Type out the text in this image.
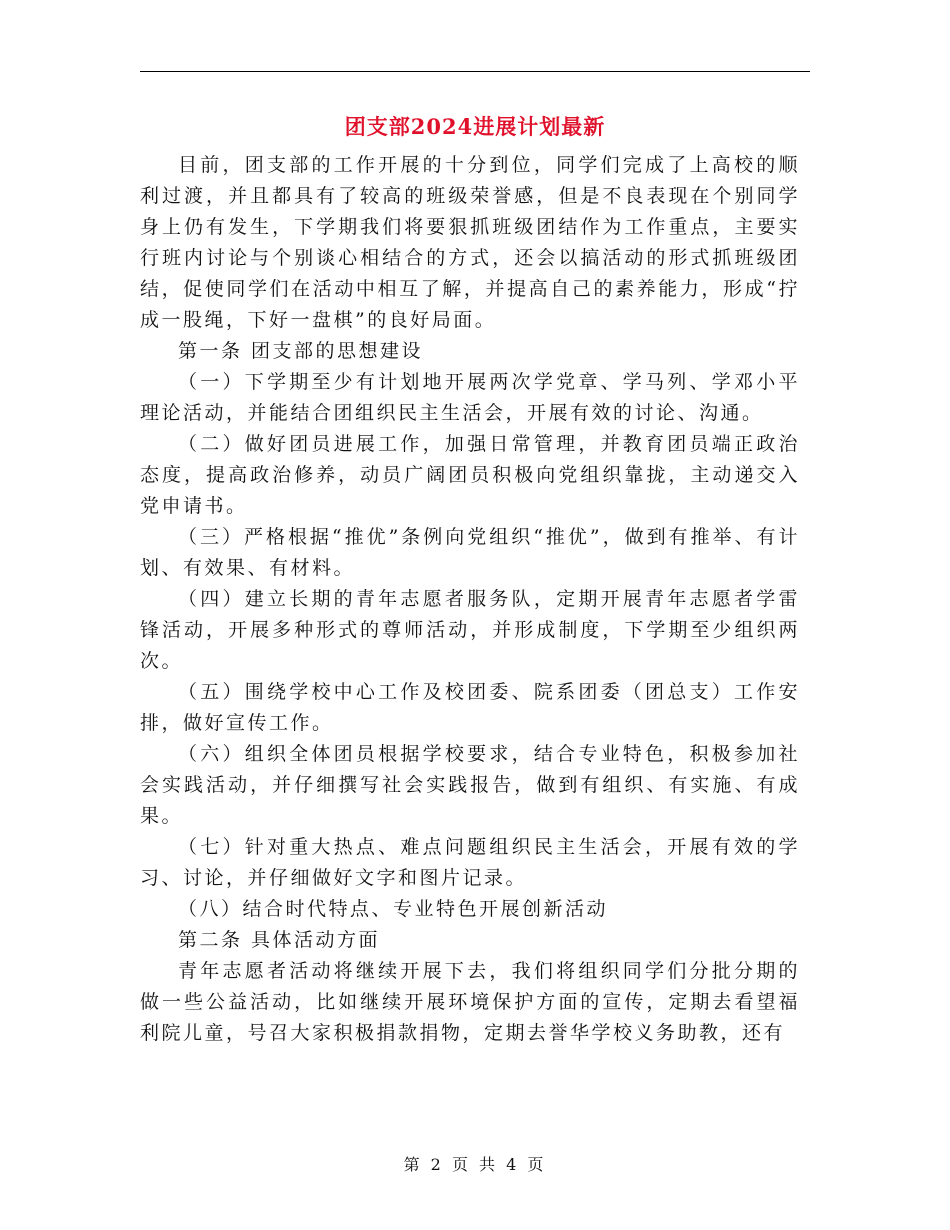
团支部2024进展计划最新

目前，团支部的工作开展的十分到位，同学们完成了上高校的顺利过渡，并且都具有了较高的班级荣誉感，但是不良表现在个别同学身上仍有发生，下学期我们将要狠抓班级团结作为工作重点，主要实行班内讨论与个别谈心相结合的方式，还会以搞活动的形式抓班级团结，促使同学们在活动中相互了解，并提高自己的素养能力，形成“拧成一股绳，下好一盘棋”的良好局面。

第一条 团支部的思想建设

（一）下学期至少有计划地开展两次学党章、学马列、学邓小平理论活动，并能结合团组织民主生活会，开展有效的讨论、沟通。

（二）做好团员进展工作，加强日常管理，并教育团员端正政治态度，提高政治修养，动员广阔团员积极向党组织靠拢，主动递交入党申请书。

（三）严格根据“推优”条例向党组织“推优”，做到有推举、有计划、有效果、有材料。

（四）建立长期的青年志愿者服务队，定期开展青年志愿者学雷锋活动，开展多种形式的尊师活动，并形成制度，下学期至少组织两次。

（五）围绕学校中心工作及校团委、院系团委（团总支）工作安排，做好宣传工作。

（六）组织全体团员根据学校要求，结合专业特色，积极参加社会实践活动，并仔细撰写社会实践报告，做到有组织、有实施、有成果。

（七）针对重大热点、难点问题组织民主生活会，开展有效的学习、讨论，并仔细做好文字和图片记录。

（八）结合时代特点、专业特色开展创新活动

第二条 具体活动方面

青年志愿者活动将继续开展下去，我们将组织同学们分批分期的做一些公益活动，比如继续开展环境保护方面的宣传，定期去看望福利院儿童，号召大家积极捐款捐物，定期去誉华学校义务助教，还有

第 2 页 共 4 页
